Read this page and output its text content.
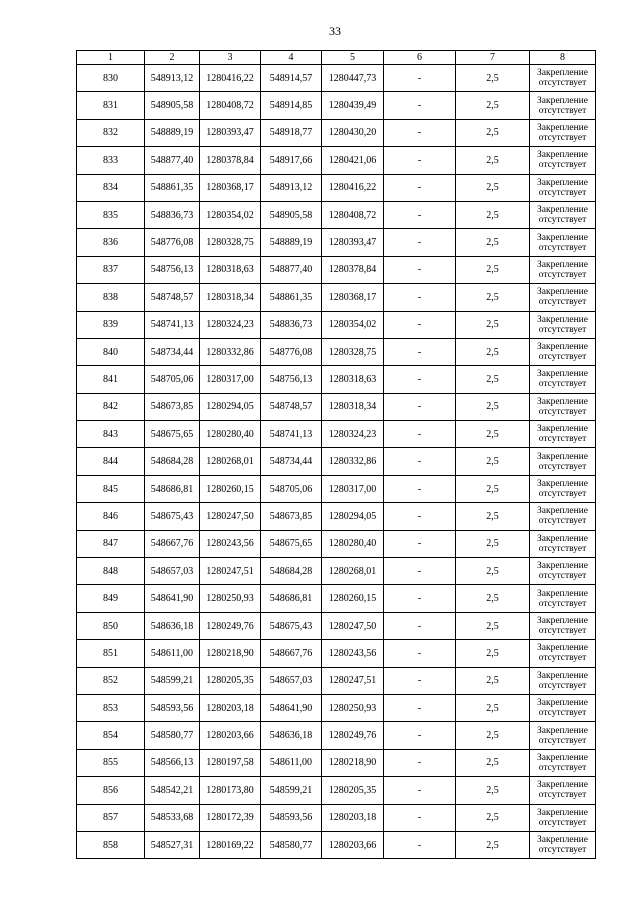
33
1	2	3	4	5	6	7	8
830	548913,12	1280416,22	548914,57	1280447,73	-	2,5	Закрепление отсутствует
831	548905,58	1280408,72	548914,85	1280439,49	-	2,5	Закрепление отсутствует
832	548889,19	1280393,47	548918,77	1280430,20	-	2,5	Закрепление отсутствует
833	548877,40	1280378,84	548917,66	1280421,06	-	2,5	Закрепление отсутствует
834	548861,35	1280368,17	548913,12	1280416,22	-	2,5	Закрепление отсутствует
835	548836,73	1280354,02	548905,58	1280408,72	-	2,5	Закрепление отсутствует
836	548776,08	1280328,75	548889,19	1280393,47	-	2,5	Закрепление отсутствует
837	548756,13	1280318,63	548877,40	1280378,84	-	2,5	Закрепление отсутствует
838	548748,57	1280318,34	548861,35	1280368,17	-	2,5	Закрепление отсутствует
839	548741,13	1280324,23	548836,73	1280354,02	-	2,5	Закрепление отсутствует
840	548734,44	1280332,86	548776,08	1280328,75	-	2,5	Закрепление отсутствует
841	548705,06	1280317,00	548756,13	1280318,63	-	2,5	Закрепление отсутствует
842	548673,85	1280294,05	548748,57	1280318,34	-	2,5	Закрепление отсутствует
843	548675,65	1280280,40	548741,13	1280324,23	-	2,5	Закрепление отсутствует
844	548684,28	1280268,01	548734,44	1280332,86	-	2,5	Закрепление отсутствует
845	548686,81	1280260,15	548705,06	1280317,00	-	2,5	Закрепление отсутствует
846	548675,43	1280247,50	548673,85	1280294,05	-	2,5	Закрепление отсутствует
847	548667,76	1280243,56	548675,65	1280280,40	-	2,5	Закрепление отсутствует
848	548657,03	1280247,51	548684,28	1280268,01	-	2,5	Закрепление отсутствует
849	548641,90	1280250,93	548686,81	1280260,15	-	2,5	Закрепление отсутствует
850	548636,18	1280249,76	548675,43	1280247,50	-	2,5	Закрепление отсутствует
851	548611,00	1280218,90	548667,76	1280243,56	-	2,5	Закрепление отсутствует
852	548599,21	1280205,35	548657,03	1280247,51	-	2,5	Закрепление отсутствует
853	548593,56	1280203,18	548641,90	1280250,93	-	2,5	Закрепление отсутствует
854	548580,77	1280203,66	548636,18	1280249,76	-	2,5	Закрепление отсутствует
855	548566,13	1280197,58	548611,00	1280218,90	-	2,5	Закрепление отсутствует
856	548542,21	1280173,80	548599,21	1280205,35	-	2,5	Закрепление отсутствует
857	548533,68	1280172,39	548593,56	1280203,18	-	2,5	Закрепление отсутствует
858	548527,31	1280169,22	548580,77	1280203,66	-	2,5	Закрепление отсутствует
